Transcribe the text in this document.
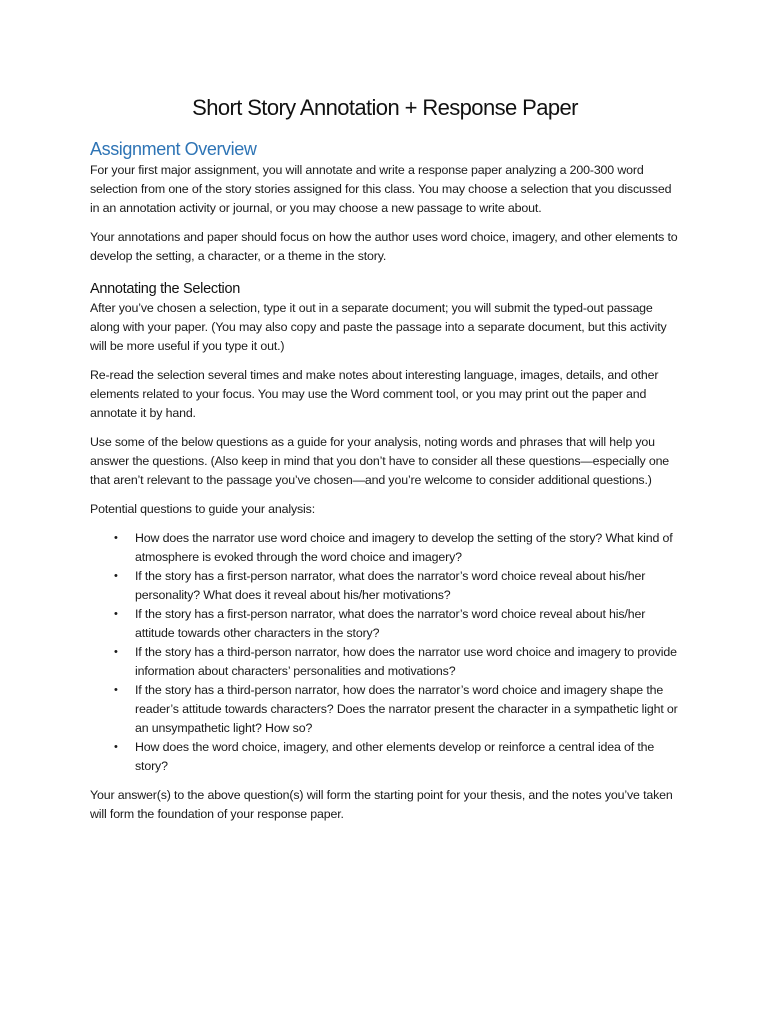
Short Story Annotation + Response Paper
Assignment Overview

For your first major assignment, you will annotate and write a response paper analyzing a 200-300 word selection from one of the story stories assigned for this class. You may choose a selection that you discussed in an annotation activity or journal, or you may choose a new passage to write about.

Your annotations and paper should focus on how the author uses word choice, imagery, and other elements to develop the setting, a character, or a theme in the story.

Annotating the Selection

After you’ve chosen a selection, type it out in a separate document; you will submit the typed-out passage along with your paper. (You may also copy and paste the passage into a separate document, but this activity will be more useful if you type it out.)

Re-read the selection several times and make notes about interesting language, images, details, and other elements related to your focus. You may use the Word comment tool, or you may print out the paper and annotate it by hand.

Use some of the below questions as a guide for your analysis, noting words and phrases that will help you answer the questions. (Also keep in mind that you don’t have to consider all these questions—especially one that aren’t relevant to the passage you’ve chosen—and you’re welcome to consider additional questions.)

Potential questions to guide your analysis:

• How does the narrator use word choice and imagery to develop the setting of the story? What kind of atmosphere is evoked through the word choice and imagery?
• If the story has a first-person narrator, what does the narrator’s word choice reveal about his/her personality? What does it reveal about his/her motivations?
• If the story has a first-person narrator, what does the narrator’s word choice reveal about his/her attitude towards other characters in the story?
• If the story has a third-person narrator, how does the narrator use word choice and imagery to provide information about characters’ personalities and motivations?
• If the story has a third-person narrator, how does the narrator’s word choice and imagery shape the reader’s attitude towards characters? Does the narrator present the character in a sympathetic light or an unsympathetic light? How so?
• How does the word choice, imagery, and other elements develop or reinforce a central idea of the story?

Your answer(s) to the above question(s) will form the starting point for your thesis, and the notes you’ve taken will form the foundation of your response paper.
